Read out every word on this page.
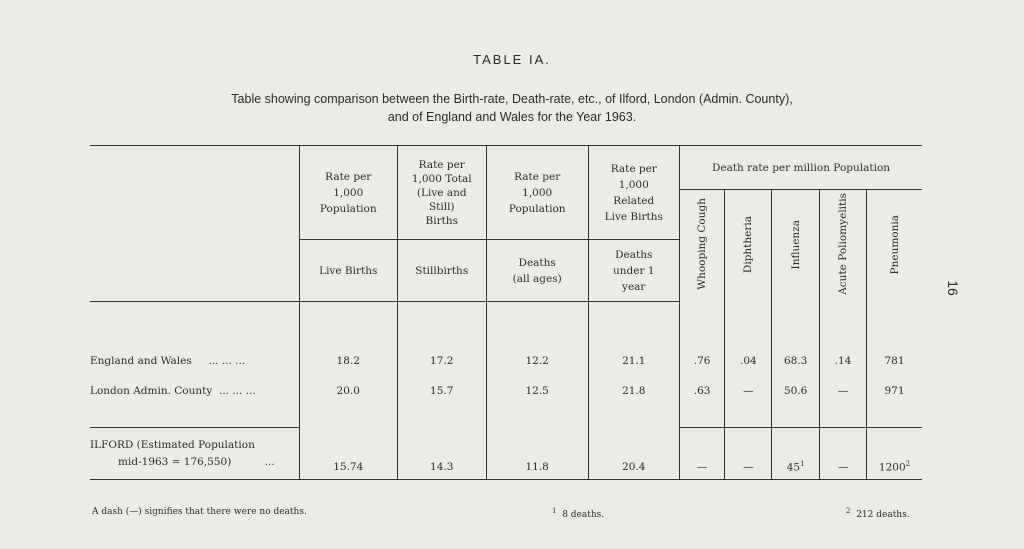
TABLE IA.
Table showing comparison between the Birth-rate, Death-rate, etc., of Ilford, London (Admin. County),
and of England and Wales for the Year 1963.
16
	Rate per 1,000 Population	Rate per 1,000 Total (Live and Still) Births	Rate per 1,000 Population	Rate per 1,000 Related Live Births	Death rate per million Population				
					Whooping Cough	Diphtheria	Influenza	Acute Poliomyelitis	Pneumonia
	Live Births	Stillbirths	Deaths (all ages)	Deaths under 1 year					

England and Wales ... ... ...	18.2	17.2	12.2	21.1	.76	.04	68.3	.14	781
London Admin. County ... ... ...	20.0	15.7	12.5	21.8	.63	—	50.6	—	971

ILFORD (Estimated Population
mid-1963 = 176,550) ...	15.74	14.3	11.8	20.4	—	—	$45^1$	—	1200$^2$
A dash (—) signifies that there were no deaths.	$^1$ 8 deaths.	$^2$ 212 deaths.
